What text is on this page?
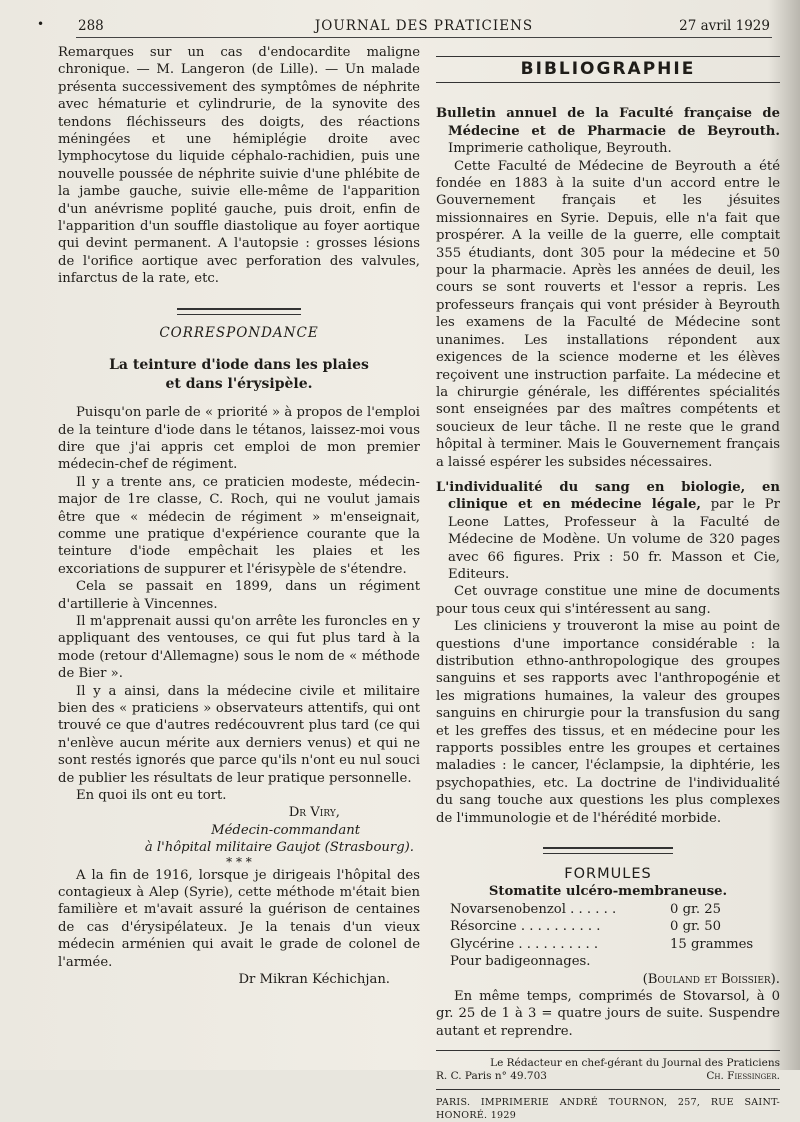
•	288	JOURNAL DES PRATICIENS	27 avril 1929

Remarques sur un cas d'endocardite maligne chronique. — M. Langeron (de Lille). — Un malade présenta successivement des symptômes de néphrite avec hématurie et cylindrurie, de la synovite des tendons fléchisseurs des doigts, des réactions méningées et une hémiplégie droite avec lymphocytose du liquide céphalo-rachidien, puis une nouvelle poussée de néphrite suivie d'une phlébite de la jambe gauche, suivie elle-même de l'apparition d'un anévrisme poplité gauche, puis droit, enfin de l'apparition d'un souffle diastolique au foyer aortique qui devint permanent. A l'autopsie : grosses lésions de l'orifice aortique avec perforation des valvules, infarctus de la rate, etc.

CORRESPONDANCE

La teinture d'iode dans les plaies

et dans l'érysipèle.

Puisqu'on parle de « priorité » à propos de l'emploi de la teinture d'iode dans le tétanos, laissez-moi vous dire que j'ai appris cet emploi de mon premier médecin-chef de régiment.

Il y a trente ans, ce praticien modeste, médecin-major de 1re classe, C. Roch, qui ne voulut jamais être que « médecin de régiment » m'enseignait, comme une pratique d'expérience courante que la teinture d'iode empêchait les plaies et les excoriations de suppurer et l'érisypèle de s'étendre.

Cela se passait en 1899, dans un régiment d'artillerie à Vincennes.

Il m'apprenait aussi qu'on arrête les furoncles en y appliquant des ventouses, ce qui fut plus tard à la mode (retour d'Allemagne) sous le nom de « méthode de Bier ».

Il y a ainsi, dans la médecine civile et militaire bien des « praticiens » observateurs attentifs, qui ont trouvé ce que d'autres redécouvrent plus tard (ce qui n'enlève aucun mérite aux derniers venus) et qui ne sont restés ignorés que parce qu'ils n'ont eu nul souci de publier les résultats de leur pratique personnelle.

En quoi ils ont eu tort.

Dr Viry,

Médecin-commandant

à l'hôpital militaire Gaujot (Strasbourg).

* * *

A la fin de 1916, lorsque je dirigeais l'hôpital des contagieux à Alep (Syrie), cette méthode m'était bien familière et m'avait assuré la guérison de centaines de cas d'érysipélateux. Je la tenais d'un vieux médecin arménien qui avait le grade de colonel de l'armée.

Dr Mikran Kéchichjan.

BIBLIOGRAPHIE

Bulletin annuel de la Faculté française de Médecine et de Pharmacie de Beyrouth. Imprimerie catholique, Beyrouth.

Cette Faculté de Médecine de Beyrouth a été fondée en 1883 à la suite d'un accord entre le Gouvernement français et les jésuites missionnaires en Syrie. Depuis, elle n'a fait que prospérer. A la veille de la guerre, elle comptait 355 étudiants, dont 305 pour la médecine et 50 pour la pharmacie. Après les années de deuil, les cours se sont rouverts et l'essor a repris. Les professeurs français qui vont présider à Beyrouth les examens de la Faculté de Médecine sont unanimes. Les installations répondent aux exigences de la science moderne et les élèves reçoivent une instruction parfaite. La médecine et la chirurgie générale, les différentes spécialités sont enseignées par des maîtres compétents et soucieux de leur tâche. Il ne reste que le grand hôpital à terminer. Mais le Gouvernement français a laissé espérer les subsides nécessaires.

L'individualité du sang en biologie, en clinique et en médecine légale, par le Pr Leone Lattes, Professeur à la Faculté de Médecine de Modène. Un volume de 320 pages avec 66 figures. Prix : 50 fr. Masson et Cie, Editeurs.

Cet ouvrage constitue une mine de documents pour tous ceux qui s'intéressent au sang.

Les cliniciens y trouveront la mise au point de questions d'une importance considérable : la distribution ethno-anthropologique des groupes sanguins et ses rapports avec l'anthropogénie et les migrations humaines, la valeur des groupes sanguins en chirurgie pour la transfusion du sang et les greffes des tissus, et en médecine pour les rapports possibles entre les groupes et certaines maladies : le cancer, l'éclampsie, la diphtérie, les psychopathies, etc. La doctrine de l'individualité du sang touche aux questions les plus complexes de l'immunologie et de l'hérédité morbide.

FORMULES

Stomatite ulcéro-membraneuse.

Novarsenobenzol . . . . . .	0 gr. 25
Résorcine . . . . . . . . . .	0 gr. 50
Glycérine . . . . . . . . . .	15 grammes

Pour badigeonnages.

(Bouland et Boissier).

En même temps, comprimés de Stovarsol, à 0 gr. 25 de 1 à 3 = quatre jours de suite. Suspendre autant et reprendre.

Le Rédacteur en chef-gérant du Journal des Praticiens

R. C. Paris n° 49.703	Ch. Fiessinger.

PARIS. IMPRIMERIE ANDRÉ TOURNON, 257, RUE SAINT-HONORÉ. 1929
